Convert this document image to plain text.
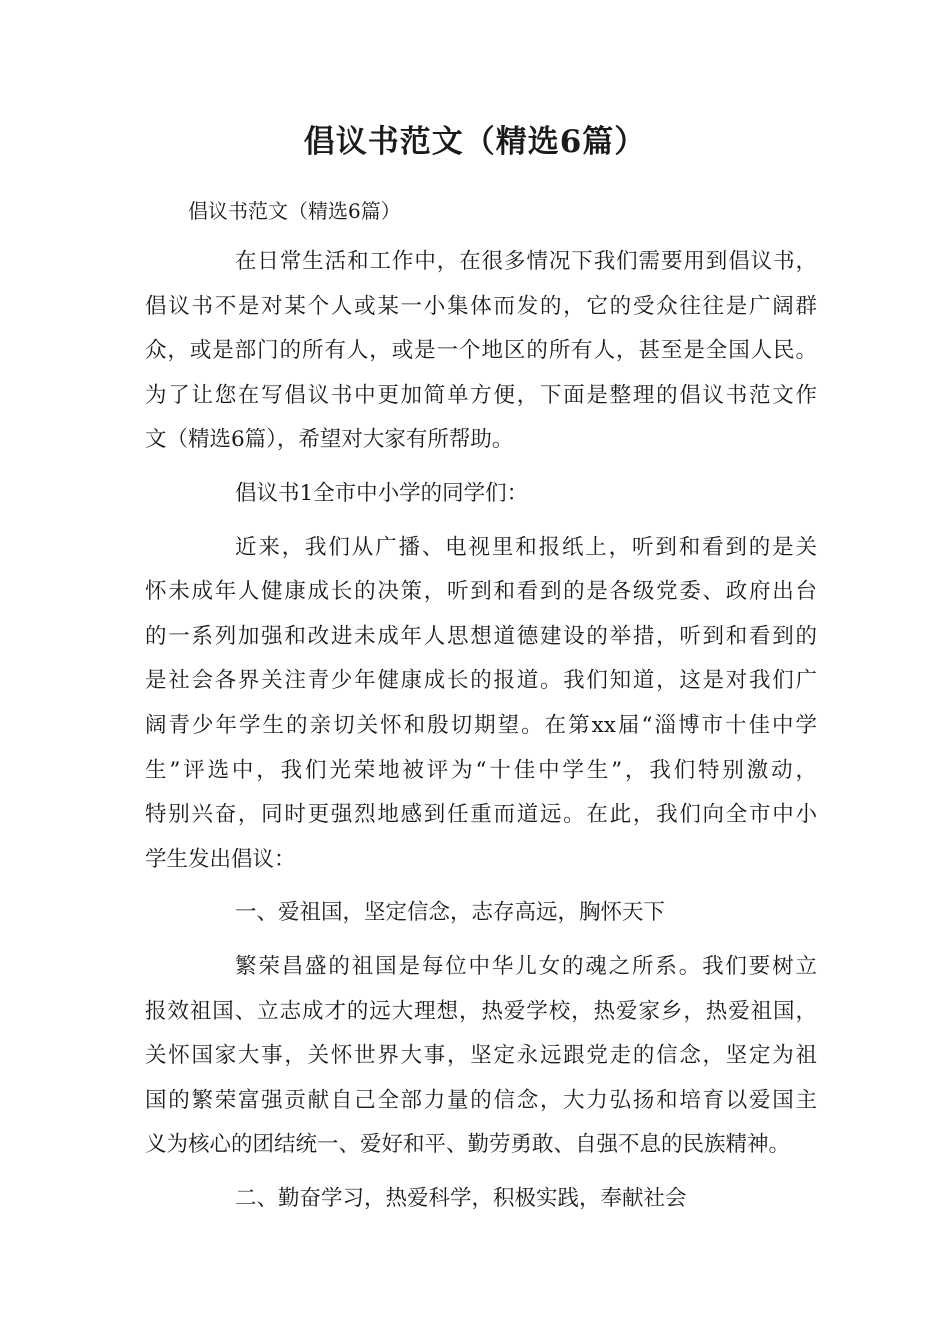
倡议书范文（精选6篇）
倡议书范文（精选6篇）
在日常生活和工作中，在很多情况下我们需要用到倡议书，
倡议书不是对某个人或某一小集体而发的，它的受众往往是广阔群
众，或是部门的所有人，或是一个地区的所有人，甚至是全国人民。
为了让您在写倡议书中更加简单方便，下面是整理的倡议书范文作
文（精选6篇），希望对大家有所帮助。
倡议书1全市中小学的同学们：
近来，我们从广播、电视里和报纸上，听到和看到的是关
怀未成年人健康成长的决策，听到和看到的是各级党委、政府出台
的一系列加强和改进未成年人思想道德建设的举措，听到和看到的
是社会各界关注青少年健康成长的报道。我们知道，这是对我们广
阔青少年学生的亲切关怀和殷切期望。在第xx届“淄博市十佳中学
生”评选中，我们光荣地被评为“十佳中学生”，我们特别激动，
特别兴奋，同时更强烈地感到任重而道远。在此，我们向全市中小
学生发出倡议：
一、爱祖国，坚定信念，志存高远，胸怀天下
繁荣昌盛的祖国是每位中华儿女的魂之所系。我们要树立
报效祖国、立志成才的远大理想，热爱学校，热爱家乡，热爱祖国，
关怀国家大事，关怀世界大事，坚定永远跟党走的信念，坚定为祖
国的繁荣富强贡献自己全部力量的信念，大力弘扬和培育以爱国主
义为核心的团结统一、爱好和平、勤劳勇敢、自强不息的民族精神。
二、勤奋学习，热爱科学，积极实践，奉献社会
